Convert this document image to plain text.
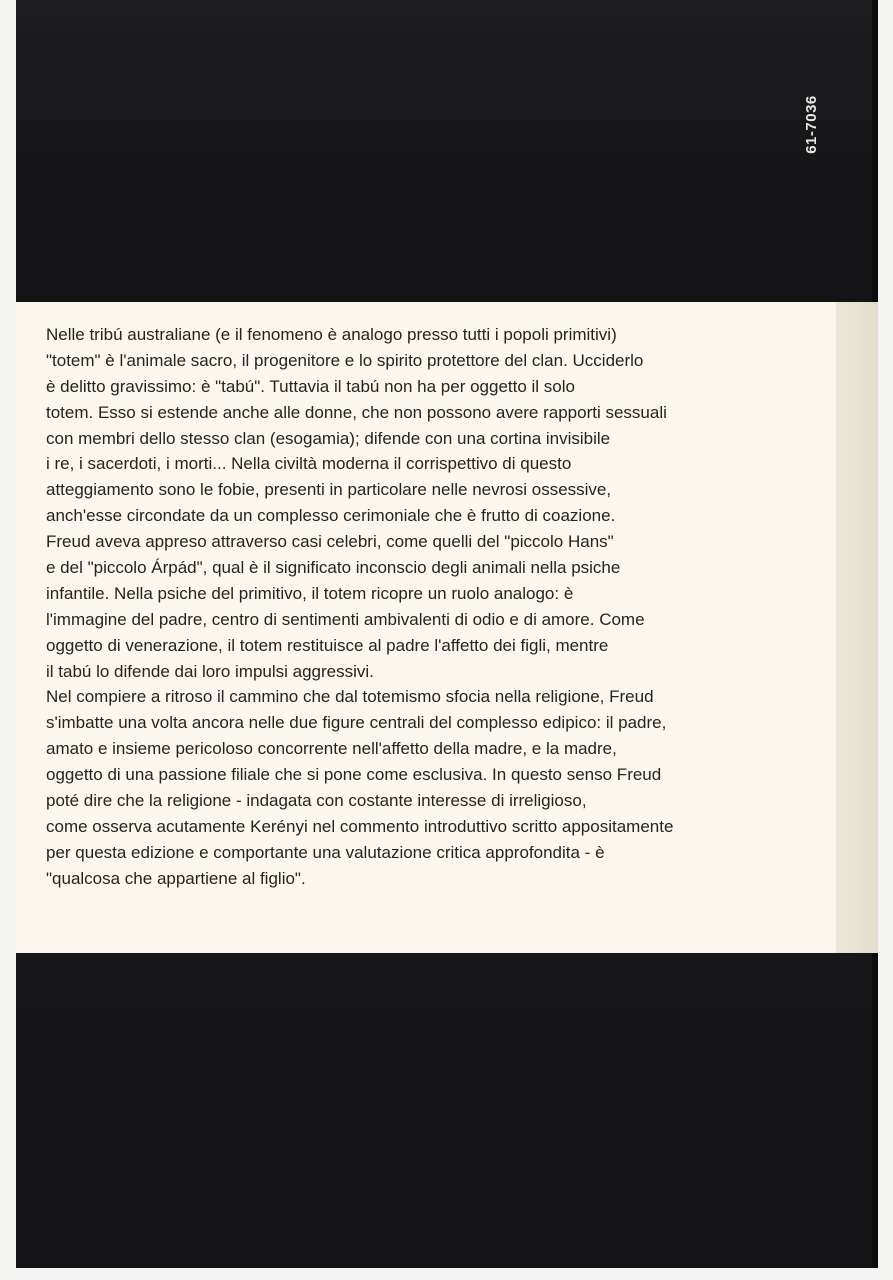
61-7036
Nelle tribú australiane (e il fenomeno è analogo presso tutti i popoli primitivi)
"totem" è l'animale sacro, il progenitore e lo spirito protettore del clan. Ucciderlo
è delitto gravissimo: è "tabú". Tuttavia il tabú non ha per oggetto il solo
totem. Esso si estende anche alle donne, che non possono avere rapporti sessuali
con membri dello stesso clan (esogamia); difende con una cortina invisibile
i re, i sacerdoti, i morti... Nella civiltà moderna il corrispettivo di questo
atteggiamento sono le fobie, presenti in particolare nelle nevrosi ossessive,
anch'esse circondate da un complesso cerimoniale che è frutto di coazione.
Freud aveva appreso attraverso casi celebri, come quelli del "piccolo Hans"
e del "piccolo Árpád", qual è il significato inconscio degli animali nella psiche
infantile. Nella psiche del primitivo, il totem ricopre un ruolo analogo: è
l'immagine del padre, centro di sentimenti ambivalenti di odio e di amore. Come
oggetto di venerazione, il totem restituisce al padre l'affetto dei figli, mentre
il tabú lo difende dai loro impulsi aggressivi.
Nel compiere a ritroso il cammino che dal totemismo sfocia nella religione, Freud
s'imbatte una volta ancora nelle due figure centrali del complesso edipico: il padre,
amato e insieme pericoloso concorrente nell'affetto della madre, e la madre,
oggetto di una passione filiale che si pone come esclusiva. In questo senso Freud
poté dire che la religione - indagata con costante interesse di irreligioso,
come osserva acutamente Kerényi nel commento introduttivo scritto appositamente
per questa edizione e comportante una valutazione critica approfondita - è
"qualcosa che appartiene al figlio".
